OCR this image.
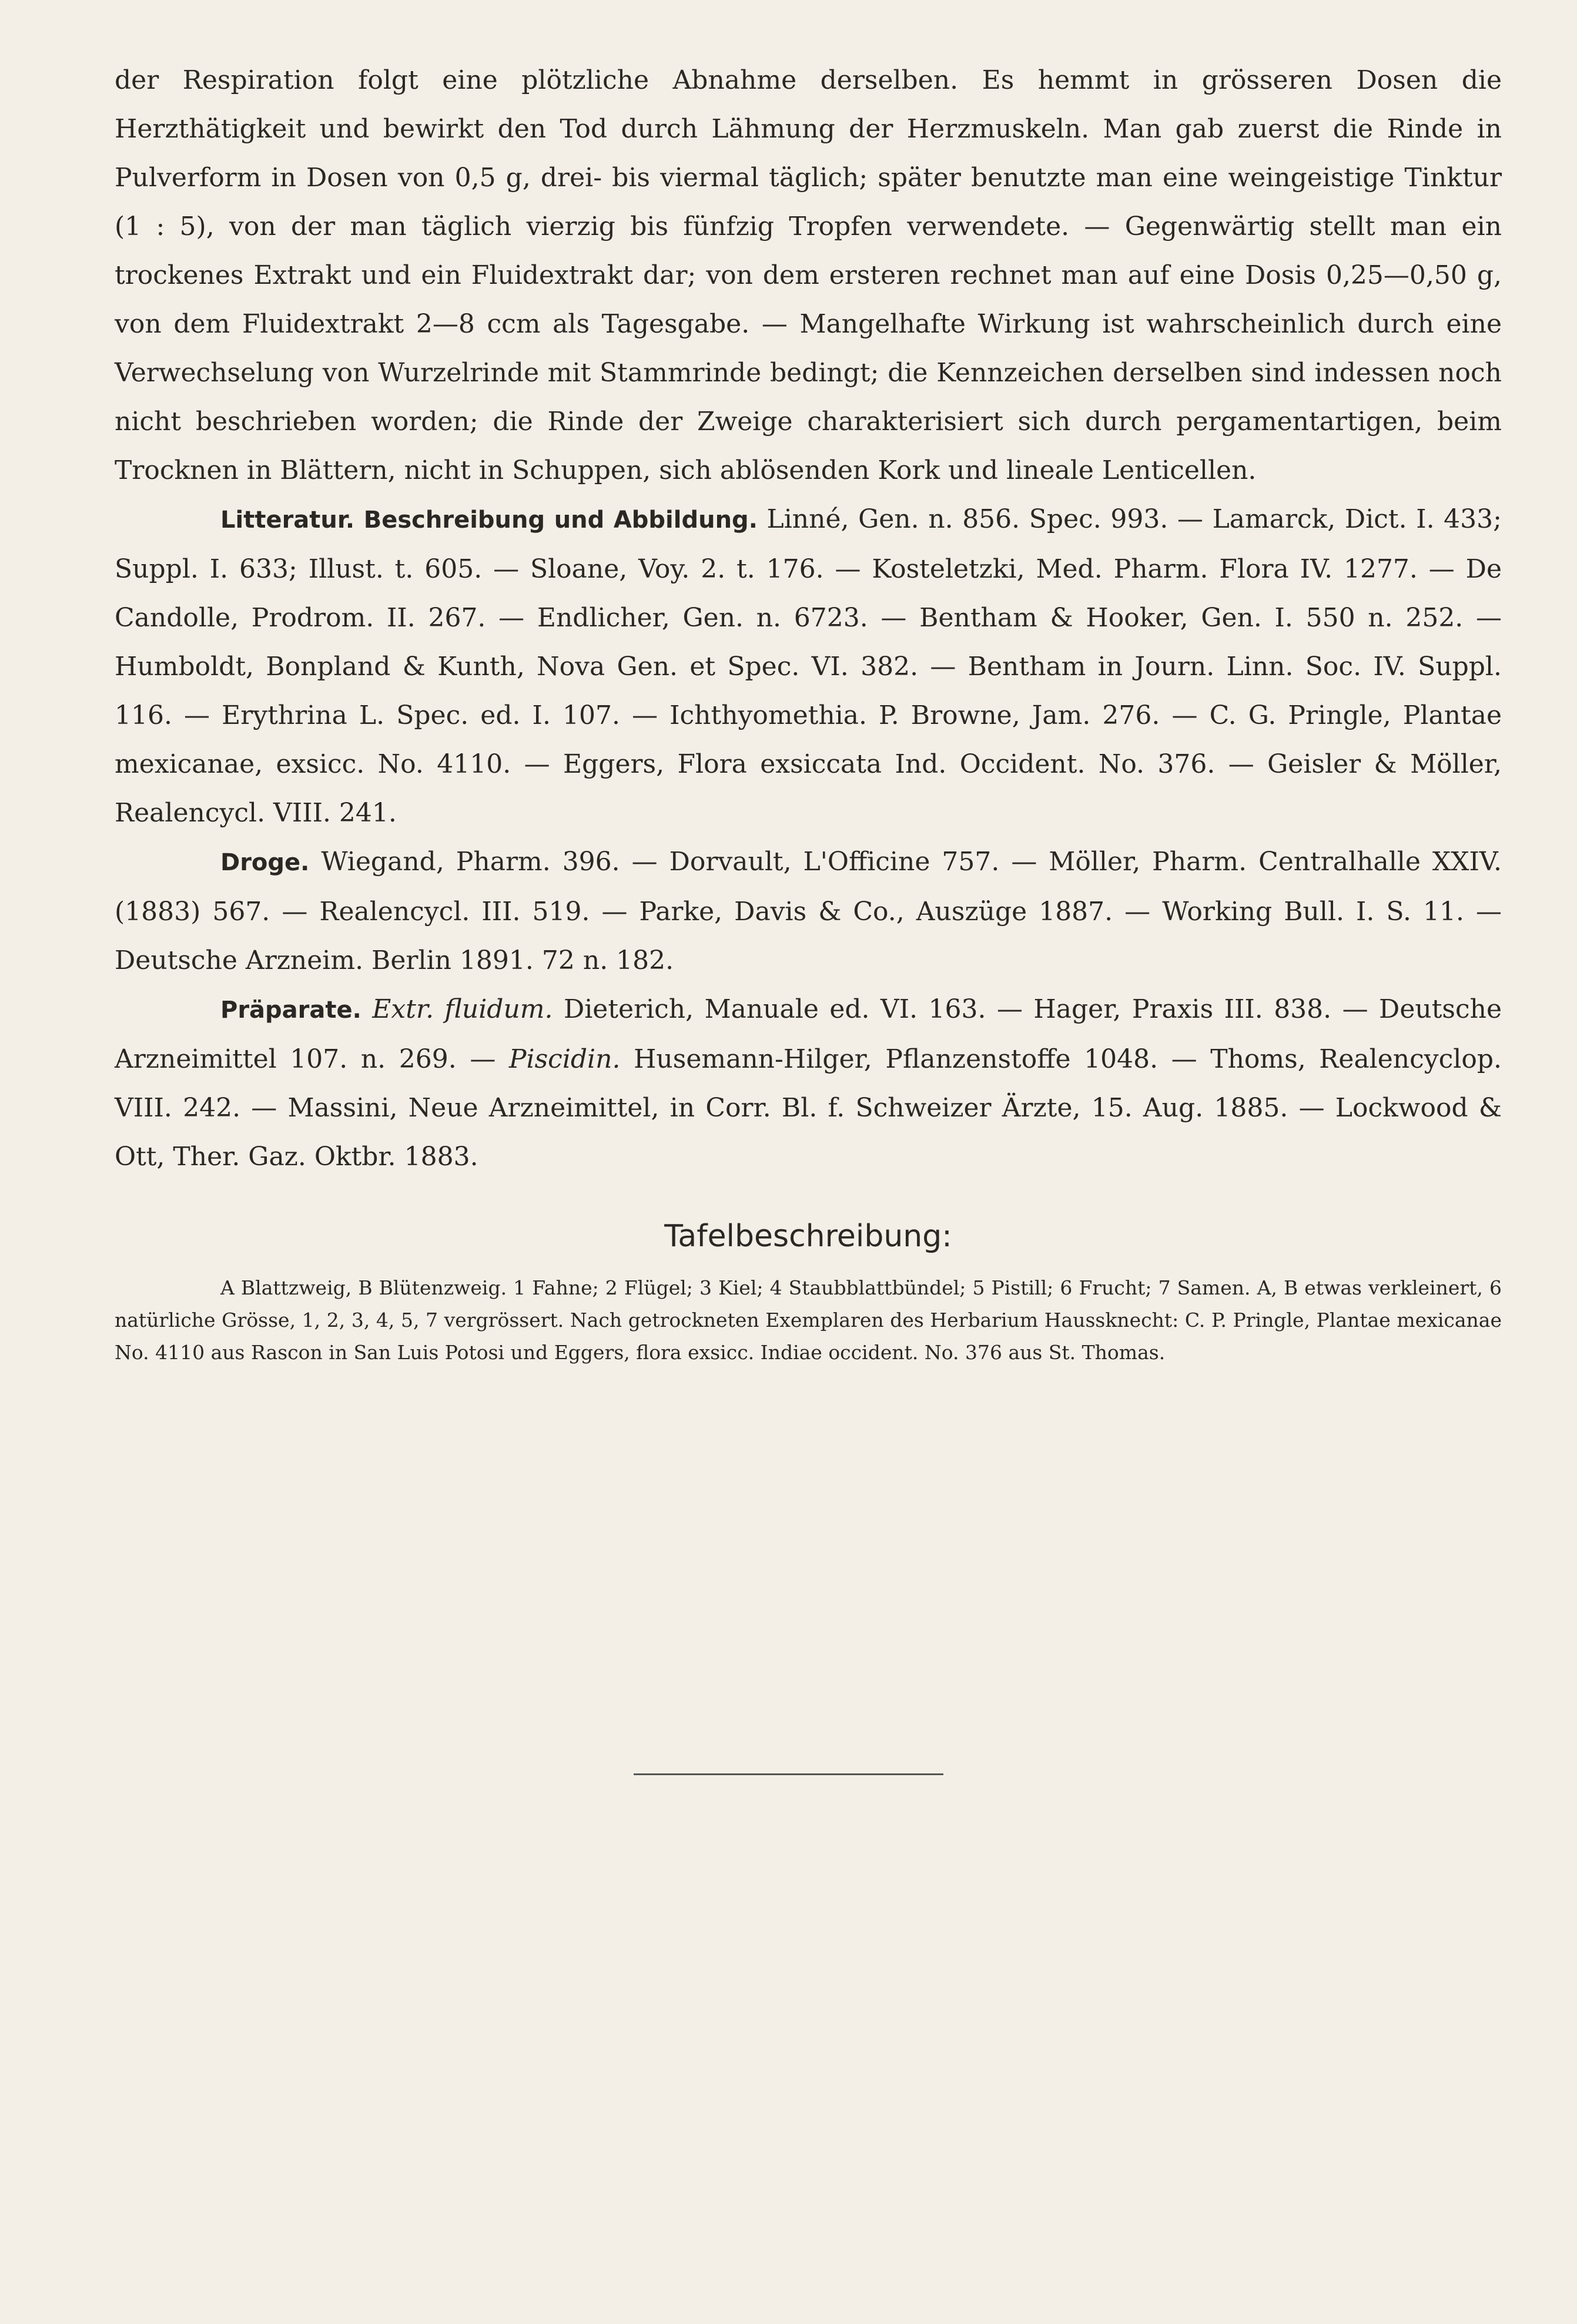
der Respiration folgt eine plötzliche Abnahme derselben. Es hemmt in grösseren Dosen die Herzthätigkeit und bewirkt den Tod durch Lähmung der Herzmuskeln. Man gab zuerst die Rinde in Pulverform in Dosen von 0,5 g, drei- bis viermal täglich; später benutzte man eine weingeistige Tinktur (1 : 5), von der man täglich vierzig bis fünfzig Tropfen verwendete. — Gegenwärtig stellt man ein trockenes Extrakt und ein Fluidextrakt dar; von dem ersteren rechnet man auf eine Dosis 0,25—0,50 g, von dem Fluidextrakt 2—8 ccm als Tagesgabe. — Mangelhafte Wirkung ist wahrscheinlich durch eine Verwechselung von Wurzelrinde mit Stammrinde bedingt; die Kennzeichen derselben sind indessen noch nicht beschrieben worden; die Rinde der Zweige charakterisiert sich durch pergamentartigen, beim Trocknen in Blättern, nicht in Schuppen, sich ablösenden Kork und lineale Lenticellen.

Litteratur. Beschreibung und Abbildung. Linné, Gen. n. 856. Spec. 993. — Lamarck, Dict. I. 433; Suppl. I. 633; Illust. t. 605. — Sloane, Voy. 2. t. 176. — Kosteletzki, Med. Pharm. Flora IV. 1277. — De Candolle, Prodrom. II. 267. — Endlicher, Gen. n. 6723. — Bentham & Hooker, Gen. I. 550 n. 252. — Humboldt, Bonpland & Kunth, Nova Gen. et Spec. VI. 382. — Bentham in Journ. Linn. Soc. IV. Suppl. 116. — Erythrina L. Spec. ed. I. 107. — Ichthyomethia. P. Browne, Jam. 276. — C. G. Pringle, Plantae mexicanae, exsicc. No. 4110. — Eggers, Flora exsiccata Ind. Occident. No. 376. — Geisler & Möller, Realencycl. VIII. 241.

Droge. Wiegand, Pharm. 396. — Dorvault, L'Officine 757. — Möller, Pharm. Centralhalle XXIV. (1883) 567. — Realencycl. III. 519. — Parke, Davis & Co., Auszüge 1887. — Working Bull. I. S. 11. — Deutsche Arzneim. Berlin 1891. 72 n. 182.

Präparate. Extr. fluidum. Dieterich, Manuale ed. VI. 163. — Hager, Praxis III. 838. — Deutsche Arzneimittel 107. n. 269. — Piscidin. Husemann-Hilger, Pflanzenstoffe 1048. — Thoms, Realencyclop. VIII. 242. — Massini, Neue Arzneimittel, in Corr. Bl. f. Schweizer Ärzte, 15. Aug. 1885. — Lockwood & Ott, Ther. Gaz. Oktbr. 1883.

Tafelbeschreibung:

A Blattzweig, B Blütenzweig. 1 Fahne; 2 Flügel; 3 Kiel; 4 Staubblattbündel; 5 Pistill; 6 Frucht; 7 Samen. A, B etwas verkleinert, 6 natürliche Grösse, 1, 2, 3, 4, 5, 7 vergrössert. Nach getrockneten Exemplaren des Herbarium Haussknecht: C. P. Pringle, Plantae mexicanae No. 4110 aus Rascon in San Luis Potosi und Eggers, flora exsicc. Indiae occident. No. 376 aus St. Thomas.
